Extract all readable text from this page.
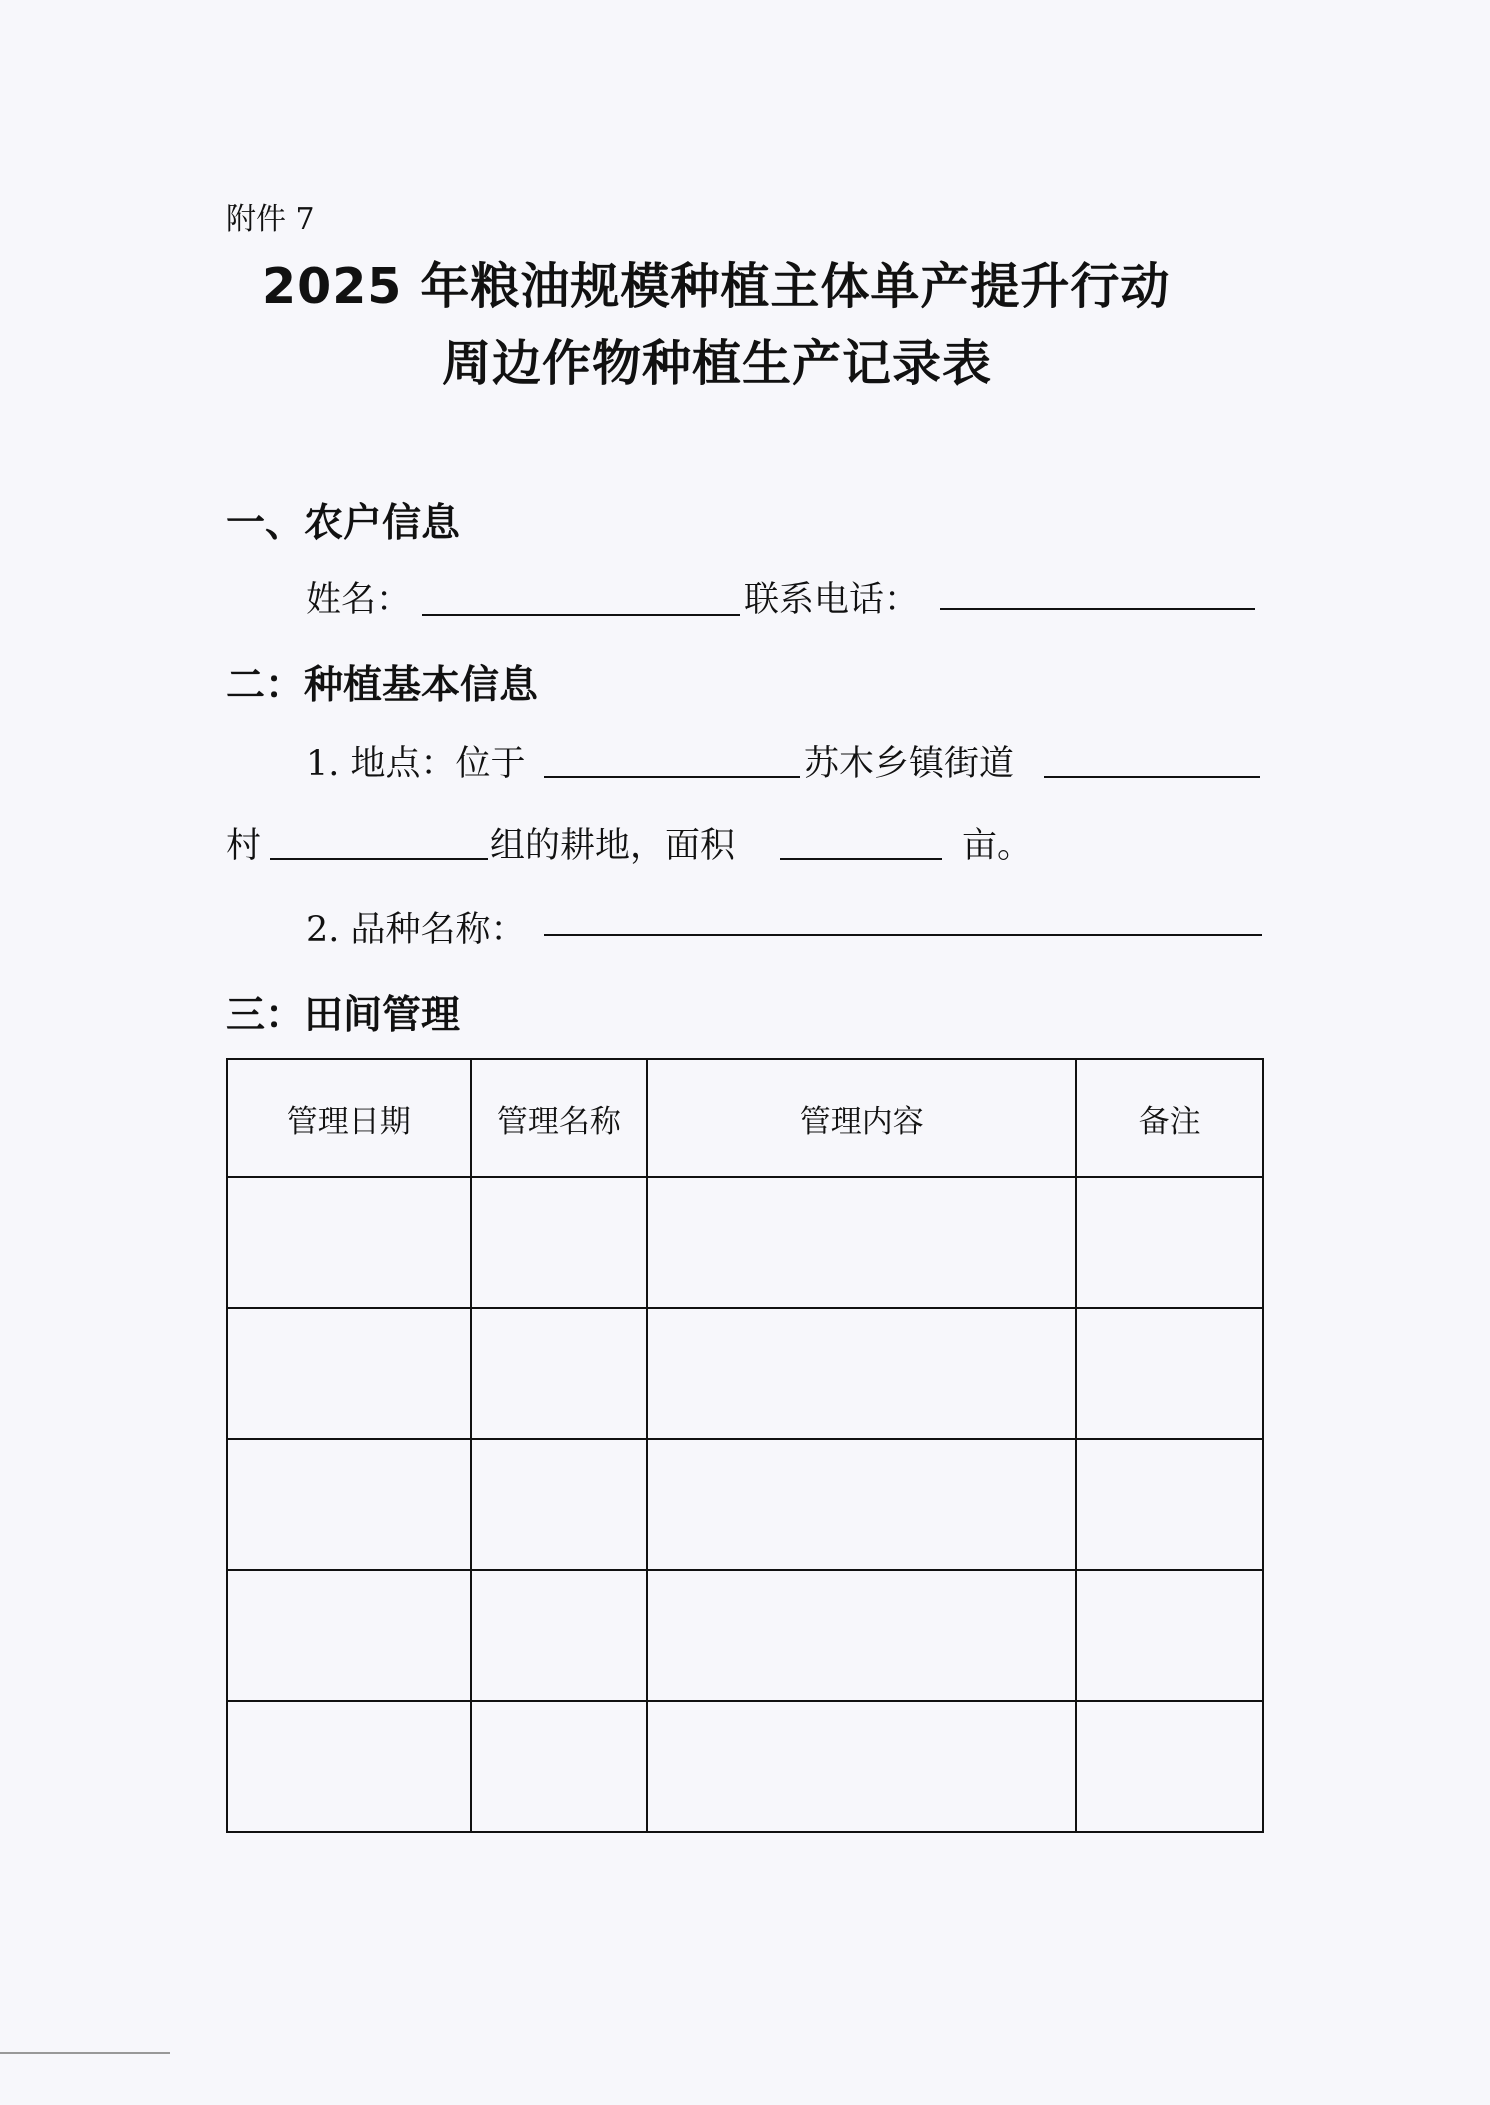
附件 7
2025 年粮油规模种植主体单产提升行动
周边作物种植生产记录表
一、农户信息
姓名：	联系电话：
二：种植基本信息
1. 地点：位于	苏木乡镇街道
村	组的耕地，面积	亩。
2. 品种名称：
三：田间管理
管理日期	管理名称	管理内容	备注
